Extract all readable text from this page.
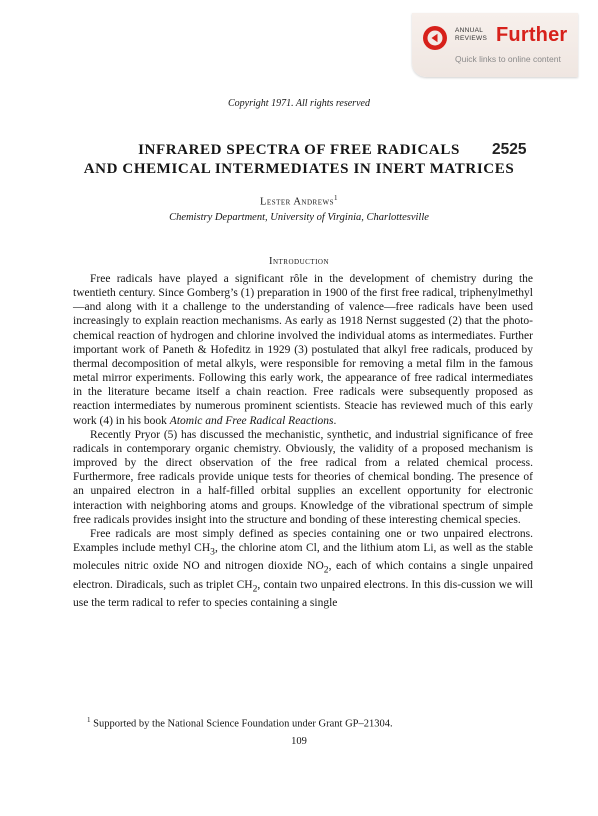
ANNUAL
REVIEWS Further
Quick links to online content
Copyright 1971. All rights reserved
2525
INFRARED SPECTRA OF FREE RADICALS
AND CHEMICAL INTERMEDIATES IN INERT MATRICES
Lester Andrews$^1$
Chemistry Department, University of Virginia, Charlottesville
Introduction

Free radicals have played a significant rôle in the development of chemistry during the twentieth century. Since Gomberg’s (1) preparation in 1900 of the first free radical, triphenylmethyl—and along with it a challenge to the understanding of valence—free radicals have been used increasingly to explain reaction mechanisms. As early as 1918 Nernst suggested (2) that the photo-chemical reaction of hydrogen and chlorine involved the individual atoms as intermediates. Further important work of Paneth & Hofeditz in 1929 (3) postulated that alkyl free radicals, produced by thermal decomposition of metal alkyls, were responsible for removing a metal film in the famous metal mirror experiments. Following this early work, the appearance of free radical intermediates in the literature became itself a chain reaction. Free radicals were subsequently proposed as reaction intermediates by numerous prominent scientists. Steacie has reviewed much of this early work (4) in his book Atomic and Free Radical Reactions.

Recently Pryor (5) has discussed the mechanistic, synthetic, and industrial significance of free radicals in contemporary organic chemistry. Obviously, the validity of a proposed mechanism is improved by the direct observation of the free radical from a related chemical process. Furthermore, free radicals provide unique tests for theories of chemical bonding. The presence of an unpaired electron in a half-filled orbital supplies an excellent opportunity for electronic interaction with neighboring atoms and groups. Knowledge of the vibrational spectrum of simple free radicals provides insight into the structure and bonding of these interesting chemical species.

Free radicals are most simply defined as species containing one or two unpaired electrons. Examples include methyl $CH_3$, the chlorine atom Cl, and the lithium atom Li, as well as the stable molecules nitric oxide NO and nitrogen dioxide $NO_2$, each of which contains a single unpaired electron. Diradicals, such as triplet $CH_2$, contain two unpaired electrons. In this dis-cussion we will use the term radical to refer to species containing a single

$^1$ Supported by the National Science Foundation under Grant GP–21304.
109
